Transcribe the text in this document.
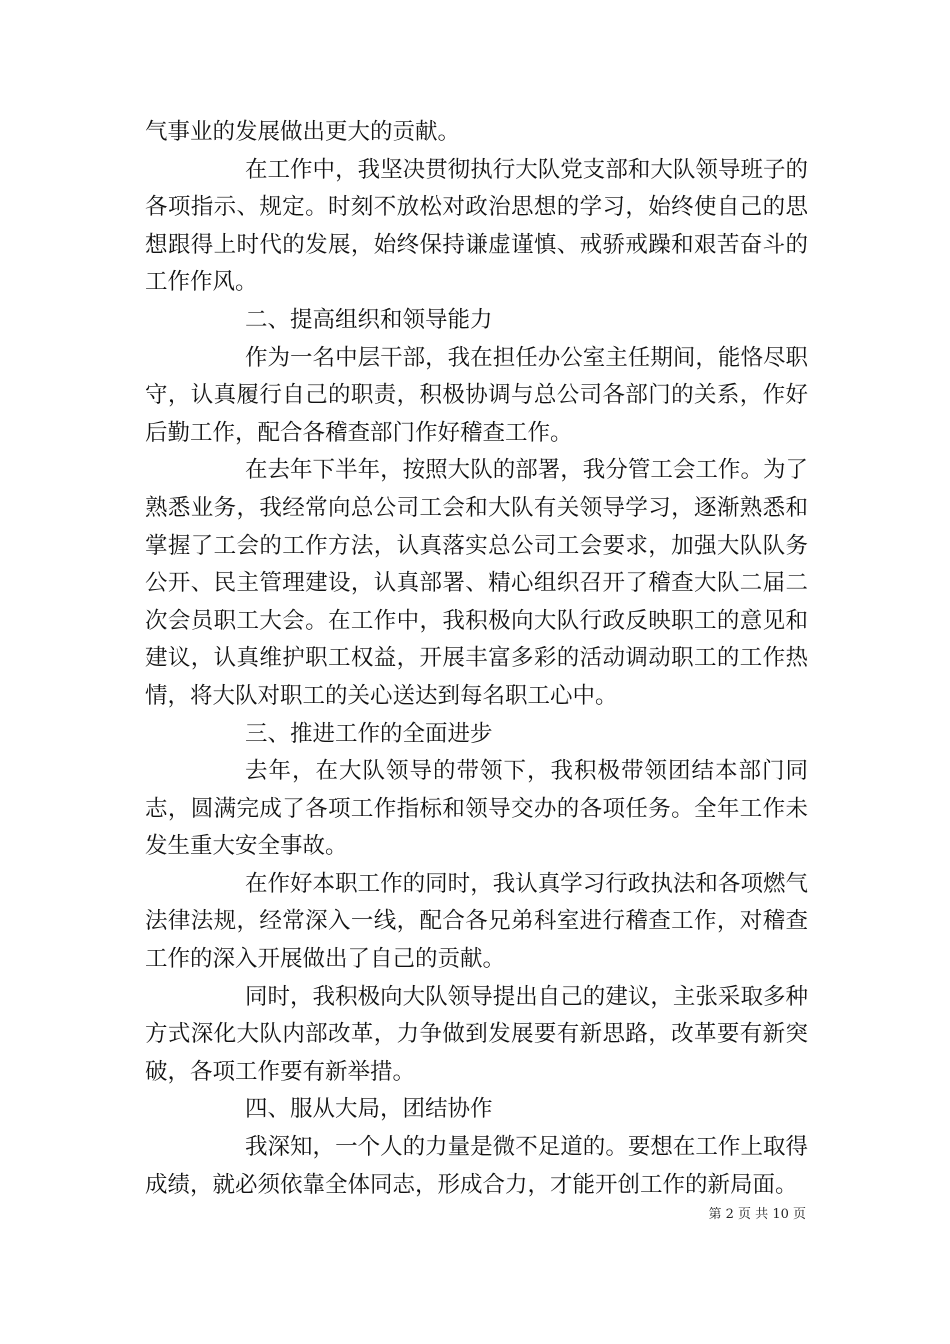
气事业的发展做出更大的贡献。

在工作中，我坚决贯彻执行大队党支部和大队领导班子的各项指示、规定。时刻不放松对政治思想的学习，始终使自己的思想跟得上时代的发展，始终保持谦虚谨慎、戒骄戒躁和艰苦奋斗的工作作风。

二、提高组织和领导能力

作为一名中层干部，我在担任办公室主任期间，能恪尽职守，认真履行自己的职责，积极协调与总公司各部门的关系，作好后勤工作，配合各稽查部门作好稽查工作。

在去年下半年，按照大队的部署，我分管工会工作。为了熟悉业务，我经常向总公司工会和大队有关领导学习，逐渐熟悉和掌握了工会的工作方法，认真落实总公司工会要求，加强大队队务公开、民主管理建设，认真部署、精心组织召开了稽查大队二届二次会员职工大会。在工作中，我积极向大队行政反映职工的意见和建议，认真维护职工权益，开展丰富多彩的活动调动职工的工作热情，将大队对职工的关心送达到每名职工心中。

三、推进工作的全面进步

去年，在大队领导的带领下，我积极带领团结本部门同志，圆满完成了各项工作指标和领导交办的各项任务。全年工作未发生重大安全事故。

在作好本职工作的同时，我认真学习行政执法和各项燃气法律法规，经常深入一线，配合各兄弟科室进行稽查工作，对稽查工作的深入开展做出了自己的贡献。

同时，我积极向大队领导提出自己的建议，主张采取多种方式深化大队内部改革，力争做到发展要有新思路，改革要有新突破，各项工作要有新举措。

四、服从大局，团结协作

我深知，一个人的力量是微不足道的。要想在工作上取得成绩，就必须依靠全体同志，形成合力，才能开创工作的新局面。

第 2 页 共 10 页
